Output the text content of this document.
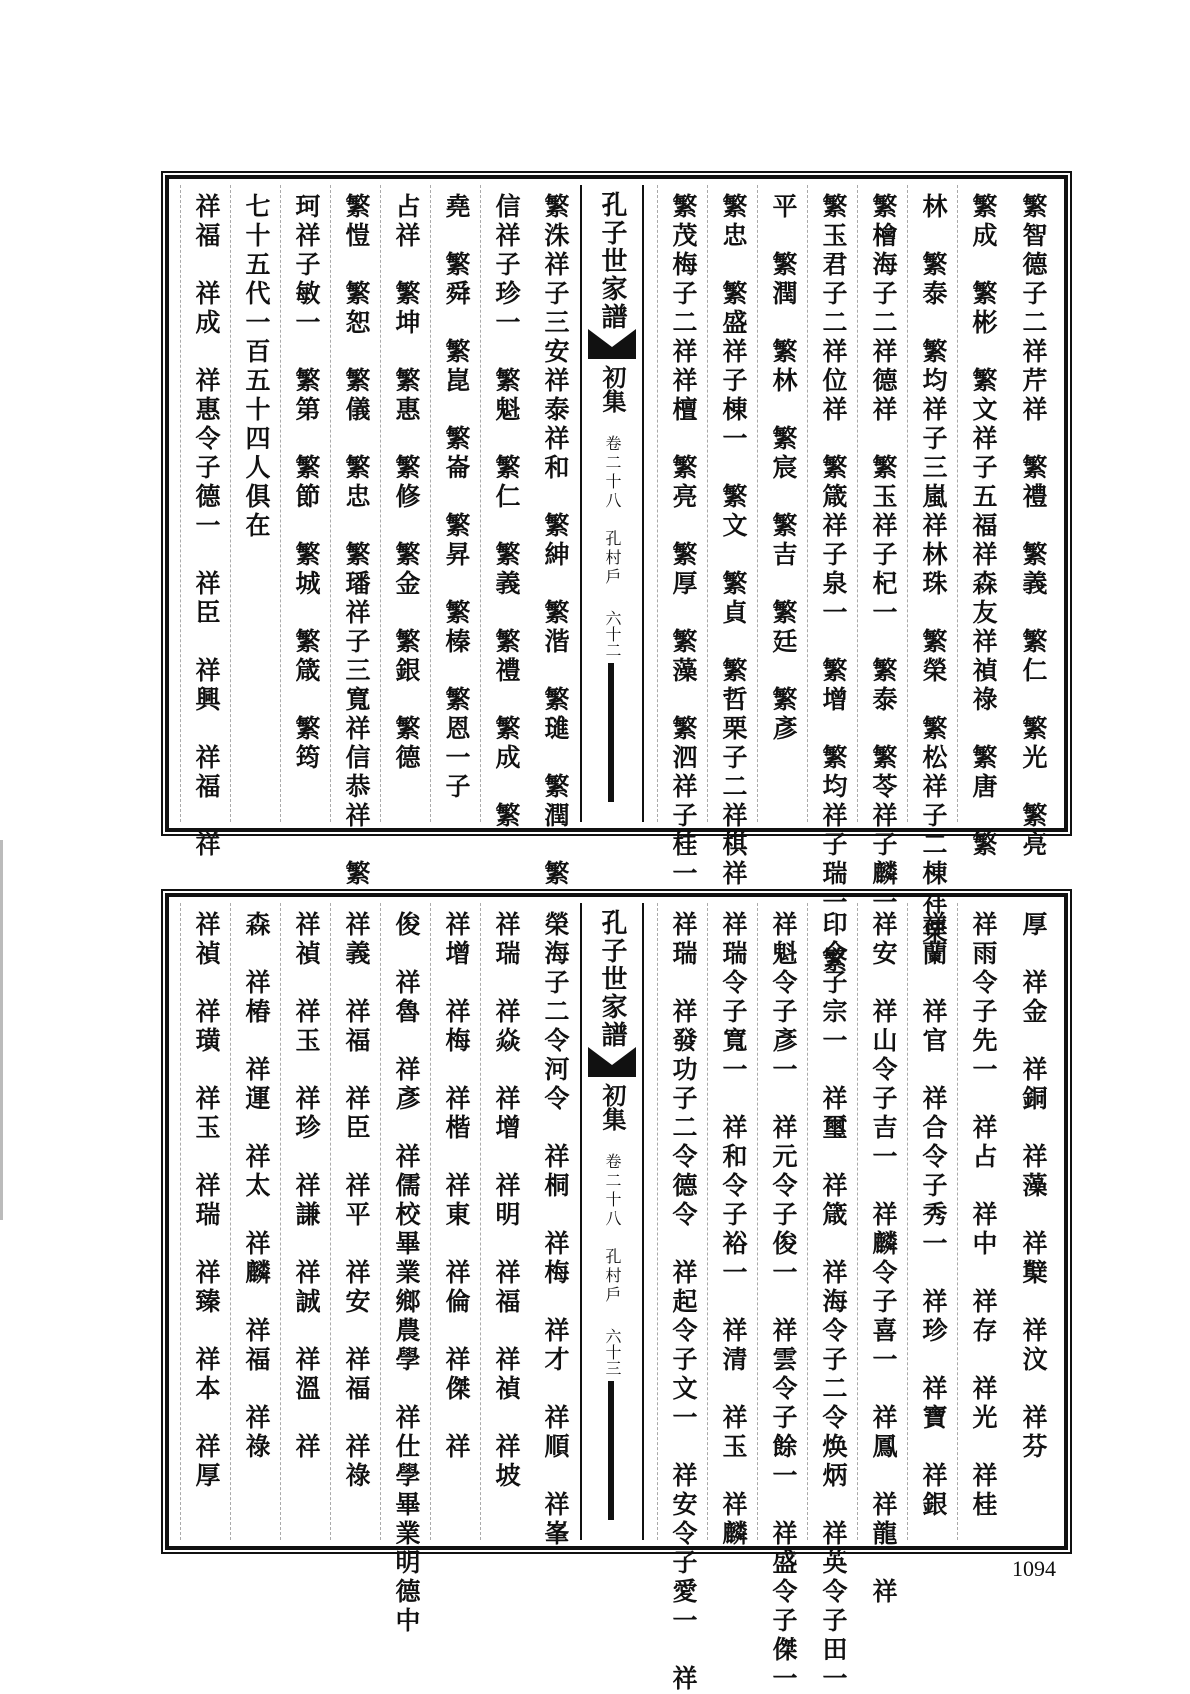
繁智德子二祥芹祥　繁禮　繁義　繁仁　繁光　繁亮
繁成　繁彬　繁文祥子五福祥森友祥禎祿　繁唐　繁
林　繁泰　繁均祥子三嵐祥林珠　繁榮　繁松祥子二棟祥栗
繁檜海子二祥德祥　繁玉祥子杞一　繁泰　繁苓祥子麟一
繁玉君子二祥位祥　繁箴祥子泉一　繁增　繁均祥子瑞一　繁
平　繁潤　繁林　繁宸　繁吉　繁廷　繁彥
繁忠　繁盛祥子棟一　繁文　繁貞　繁哲栗子二祥棋祥
繁茂梅子二祥祥檀　繁亮　繁厚　繁藻　繁泗祥子桂一
孔子世家譜
初集
卷二十八　孔村戶
六十二
繁洙祥子三安祥泰祥和　繁紳　繁湝　繁璡　繁潤　繁
信祥子珍一　繁魁　繁仁　繁義　繁禮　繁成　繁
堯　繁舜　繁崑　繁崙　繁昇　繁榛　繁恩一子
占祥　繁坤　繁惠　繁修　繁金　繁銀　繁德
繁愷　繁恕　繁儀　繁忠　繁璠祥子三寬祥信恭祥　繁
珂祥子敏一　繁第　繁節　繁城　繁箴　繁筠
七十五代一百五十四人俱在
祥福　祥成　祥惠令子德一　祥臣　祥興　祥福　祥
厚　祥金　祥銅　祥藻　祥櫱　祥汶　祥芬
祥雨令子先一　祥占　祥中　祥存　祥光　祥桂
祥蘭　祥官　祥合令子秀一　祥珍　祥寶　祥銀
祥安　祥山令子吉一　祥麟令子喜一　祥鳳　祥龍　祥
印令子宗一　祥璽　祥箴　祥海令子二令焕炳　祥英令子田一
祥魁令子彥一　祥元令子俊一　祥雲令子餘一　祥盛令子傑一
祥瑞令子寬一　祥和令子裕一　祥清　祥玉　祥麟
祥瑞　祥發功子二令德令　祥起令子文一　祥安令子愛一　祥
孔子世家譜
初集
卷二十八　孔村戶
六十三
榮海子二令河令　祥桐　祥梅　祥才　祥順　祥峯
祥瑞　祥焱　祥增　祥明　祥福　祥禎　祥坡
祥增　祥梅　祥楷　祥東　祥倫　祥傑　祥
俊　祥魯　祥彥　祥儒校畢業鄉農學　祥仕學畢業明德中
祥義　祥福　祥臣　祥平　祥安　祥福　祥祿
祥禎　祥玉　祥珍　祥謙　祥誠　祥溫　祥
森　祥椿　祥運　祥太　祥麟　祥福　祥祿
祥禎　祥璜　祥玉　祥瑞　祥臻　祥本　祥厚
1094
